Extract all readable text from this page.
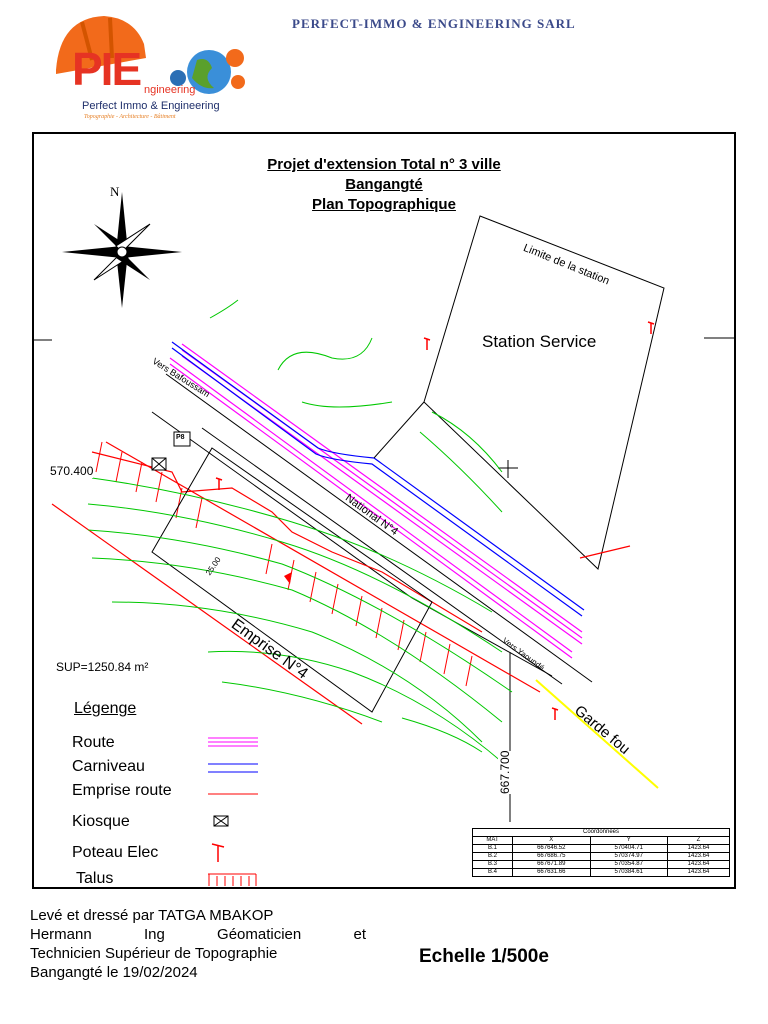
PERFECT-IMMO & ENGINEERING SARL
PIE ngineering
Perfect Immo & Engineering
Topographie - Architecture - Bâtiment
Projet d'extension Total n° 3 ville
Bangangté
Plan Topographique
N
Limite de la station
Station Service
Vers Bafoussam
National N°4
Vers Yaoundé
Emprise N°4
Garde fou
570.400
667.700
25.00
P8
SUP=1250.84 m²
Légenge
Route
Carniveau
Emprise route
Kiosque
Poteau Elec
Talus
Coordonnees			
MAT	X	Y	Z
B.1	667646.52	570404.71	1423.64
B.2	667686.75	570374.97	1423.64
B.3	667671.89	570354.87	1423.64
B.4	667631.66	570384.61	1423.64
Levé et dressé par TATGA MBAKOP
Hermann Ing Géomaticien et
Technicien Supérieur de Topographie
Bangangté le 19/02/2024
Echelle 1/500e
